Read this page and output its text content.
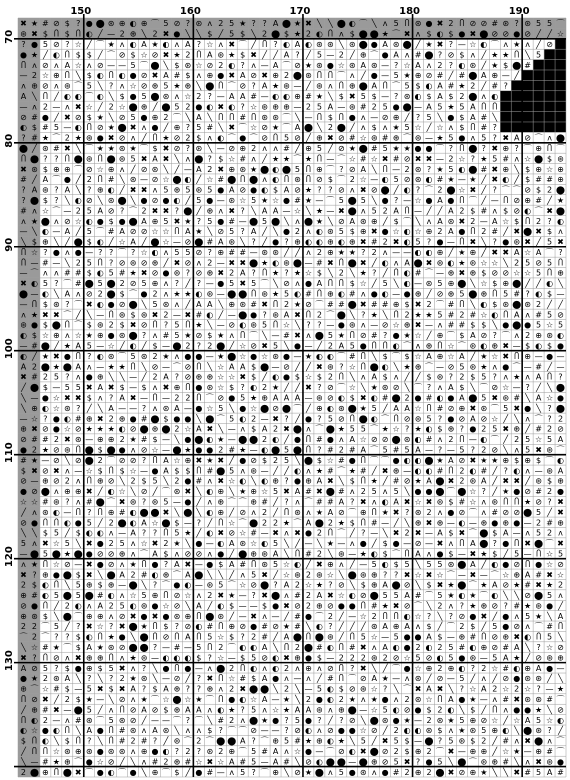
✖ ★ # ⊘ $ ? ● ⬤ ⊛ ⊕ ◐ ⊕ ⌒ 5 ⊘ ? ⊛ ʌ 2 5 ★ ? ? A ⬤ ★ ✖ ╲ ╲ ⬤ ◐ ⌒ ╲ ʌ 5 Ⴖ ⊛ ● ✖ 2 Ⴖ ⊘ ⊘ # ⊛ ? ⊛ 5 5 ⌒
⊛ ✖ $ Ⴖ $ Ⴖ ◐ ╱ — 2 ⊕ ╲ 2 ✖ ● ╲ ╲ $ ╱ 5 $ ╲ 2 ⬤ $ ★ 2 ◐ Ⴖ ʌ $ ⬤ ⬤ ★ ⌒ ✖ ʌ $ ◐ $ ● ✖ ⬤ ⊘ ⊘ ● ⊘ ╱ ╱ ☆
? ● 5 ⊘ ? ☆ ╱ ⌒ ★ ʌ ◐ A ★ ◐ ʌ A ? ☆ ʌ ✖ ⌒ ╱ Ⴖ ? ◐ A ◐ ⊛ ⊛ ╲ ⊛ ⬤ ● A ⊛ ⬤ ╱ ★ ✖ ? — ☆ ◐ ⌒ ʌ ★ ʌ ╱ ⊘
● ★ ╱ ◐ Ⴖ $ $ ╱ ⌒ ⊘ $ ☆ ⊘ ✖ ★ 2 Ⴖ A ⊛ ★ $ ✖ ╱ ╱ A ? ╱ 5 — 2 ╱ ⊕ ⌒ ● A ʌ # ⬤ ? ⊘ $ ʌ ╱ ★ ★ Ⴖ ╲ 5
Ⴖ ʌ ⊘ ʌ A ☆ ʌ ⊘ — — 5 ⌒ ⬤ ╲ $ ⊛ ☆ ⊘ 2 ◐ ? ʌ — A ⌒ ⊘ ★ ⊛ ● ☆ ⊛ A ⊛ — ? ☆ A ʌ 2 ? ◐ ⊛ ╱ ★ $ ⬤ #
— 2 ☆ ⊕ Ⴖ ╲ $ ◐ Ⴖ ◐ ● ⊘ ✖ A # $ ʌ ⊕ ● ✖ A ⊘ ✖ ⊕ 2 ⬤ ⊛ Ⴖ Ⴖ ⌒ ʌ ╱ ● — 5 ★ ⊕ ⊘ # ╱ # ⬤ A ⊕ — ╱
ʌ ⊕ ⊘ ʌ ⊛ ⌒ 5 ╲ ? ʌ ☆ ⊘ ⊕ 5 ★ ⊕ ╲ ⬤ Ⴖ ⌒ ⊘ ? A ★ ⊛ — ╱ ⊛ ʌ Ⴖ ⊕ ⬤ A Ⴖ ⌒ 5 $ ◐ A # ★ 2 ╱ # ?
A ╲ Ⴖ ╱ ◐ ◐ ⌒ ◐ ╲ $ ● 5 ⬤ ⊛ ʌ ☆ 2 ? — A A # — ◐ ◐ ⊕ # ★ ╲ $ ✖ 5 $ — ? ⊛ ◐ $ A $ 2 ⬤ ʌ ◐
— ʌ 2 — ʌ ✖ ☆ ╱ 2 ☆ ⬤ ⊕ ╱ ⬤ 5 2 ● ◐ ✖ ◐ ? ☆ ⊛ ⊕ ⊕ — 2 5 A — ⊛ # 2 5 ● ⬤ — A 5 ★ 5 A Ⴖ Ⴖ
⊘ # ● ╱ ✖ ⊘ $ ★ ╲ ⊘ 5 ● ⊕ 2 ⌒ ╲ A ╲ Ⴖ Ⴖ # Ⴖ ⊛ ⊛ ⌒ ╲ — Ⴖ $ Ⴖ ● ʌ — ⊘ ⊕ ╱ ? 5 ╲ ● $ A # ╲
◐ $ # 5 — ◐ Ⴖ ⊘ ★ ⬤ ✖ ʌ ● ╱ ⊕ ? 5 # ╲ ✖ ⌒ ☆ ⊘ ★ ⌒ A ⬤ ╲ 2 ⬤ ╱ ʌ $ ʌ ★ 5 ☆ ╱ ☆ ʌ $ Ⴖ # ?
? # ★ ⌒ 2 ★ ⊛ ● ✖ ⊘ ʌ ╱ Ⴖ ★ ⊘ 2 $ ʌ ◐ ⌒ ● ⌒ ⊘ Ⴖ 5 ⊘ ╱ ⊕ ✖ ⊘ # ☆ ⊛ # ⊕ ⌒ ⊛ — ★ 5 ● ʌ 5 ? ✖ A ⊘ ⌒ ʌ ⬤
⬤ ╱ ⊛ # ✖ ╲ ⌒ ★ ★ ⊛ ★ ⌒ $ ✖ ⊘ ? ⊛ ╲ — ⊘ ⊕ 2 ʌ ʌ # ╱ ⊕ 5 ╱ ⊘ ★ ⬤ # 5 ★ ★ ● ● ⌒ ? Ⴖ ⬤ ? ✖ ⊕ ? ⌒ ⊕ Ⴖ ⌒
Ⴖ ⬤ ? ? Ⴖ ⬤ ⊛ Ⴖ ⬤ ⊛ 5 ✖ A ✖ ╲ ʌ ⬤ ? $ ☆ # ʌ ╱ ★ ★ ⌒ ★ Ⴖ — ⌒ ☆ # ☆ ✖ # ⊘ ✖ ✖ — 2 ☆ ? ★ 5 # ʌ ☆ ⬤ $ ⊛
✖ ⊛ $ ⊕ ⊕ ⌒ ⊘ ☆ ⊕ ʌ ╱ ⊘ ⊛ ╲ ╱ — A 2 ✖ ⊕ ⊛ ★ ⬤ ◐ ⬤ 5 Ⴖ ⊕ ⌒ ? ⊘ A ╲ Ⴖ — 2 ⊛ ? ★ 5 ◐ ⬤ # ✖ ⊕ ╲ $ ⊕ ☆ ⊕
# ╱ A ⌒ ● ╱ 2 Ⴖ # ╲ ⊛ — ⊘ ☆ ⬤ ◐ ╱ ☆ # ⬤ Ⴖ ⬤ ʌ ◐ Ⴖ ⊛ Ⴖ ⊘ $ ⌒ 2 ☆ — ◐ 5 ⊘ ⊛ ◐ # ★ — ★ ╱ ✖ ◐ ╱ $ # # ⊕
? A ⊛ ? A ╲ ? ⊕ ◐ ╱ ✖ ✖ ʌ 5 ⊕ 5 ⊛ 5 ● A ⊘ ● ◐ $ A ⊘ ★ ? ? ⊘ ʌ ✖ ⊘ ⬤ ╱ ◐ ? ⌒ 2 ⬤ ☆ ✖ ╱ ? ⌒ ⌒ ⊘ $ 2 ⬤
? ⬤ $ ? ╲ ◐ ⊘ ╲ ⊛ ⬤ ╲ ● ⊘ ● ◐ ╱ 5 ● — ⊛ ☆ 5 ★ ☆ ● # ★ — ⌒ 5 ⬤ 5 ╲ ● ? — ☆ ● A ● Ⴖ ⌒ ╱ — Ⴖ ⊘ ⊕ # ╱ ★
# ʌ ☆ ⌒ — 2 5 A ⊘ ? ⌒ 2 ✖ ✖ ? ⬤ ╱ ⊕ ʌ ✖ ? ╲ A A — ☆ ╲ ★ — ✖ ⬤ ʌ 5 2 A Ⴖ — ╱ ╱ A 2 $ # ʌ $ ⊘ ◐ ⌒ ✖ ⬤
ʌ ★ ⬤ ʌ ⊘ ☆ ◐ ● $ ● ⬤ A ⊕ 5 ✖ ★ ? 5 ● # — ⬤ 5 ⬤ ╲ ʌ ⬤ ★ ╲ ⊘ A ⊛ ⊕ ╱ $ ⌒ ╲ ʌ A ⊛ ✖ 2 — A ☆ $ Ⴖ 2 ? ◐
— ╲ ◐ — A ╱ 5 ⌒ # A ⊘ ⊘ ☆ ☆ Ⴖ A ★ ╲ ⊘ 5 ? A ╱ ╲ ● 2 ʌ ◐ ⊛ 5 $ ⊕ ✖ ● ☆ ◐ ☆ ⊕ 2 A ● Ⴖ 2 # ╱ ✖ ⬤ ✖ $ ʌ
╲ $ ⊕ ╲ ╱ ⬤ $ ◐ ╱ ☆ A ╱ ⬤ ☆ — ⊘ ⬤ # A ⊛ ╲ ? ╱ ● ? ⊕ ◐ ◐ ⊕ ◐ ⊕ ✖ # 2 ✖ ◐ 5 ? ● — Ⴖ ✖ ╲ ? ● ⊛ ✖ ╱ 5 ✖
Ⴖ ☆ ? ● ʌ ● — ? ? ⌒ ? ☆ ◐ ʌ 5 5 ⊘ ? ⊕ # # — ⊛ ⊛ ╱ ╱ ʌ 2 ⊕ ★ ★ ? 2 ʌ — — ◐ ◐ ⊕ ╱ ★ ⊕ ╱ ✖ ✖ A ☆ A ⌒ ?
Ⴖ — # — ╲ 2 5 Ⴖ ? ⊘ ⊛ ⊘ ⊕ ╱ ✖ ⊘ ʌ 2 — ✖ ✖ ⬤ ★ ◐ ⊛ ⬤ — # ✖ Ⴖ ⬤ ✖ ╱ ◐ ʌ A ⬤ ✖ ⊛ ◐ ★ ⊛ ☆ ☆ ╲ 2 5 ⊘ 5 Ⴖ
— ⌒ ʌ ʌ # # $ ◐ 5 # ★ ✖ ⊘ ● ⊛ ? ⊘ ⊕ ✖ 2 A ? Ⴖ ★ ? ★ ☆ $ ╲ 2 ╲ ★ ? ╱ Ⴖ ◐ # ⌒ — ⊕ ✖ ⊕ $ ⊘ ⊘ ☆ ☆ 5 Ⴖ ⊕
✖ ◐ 5 ? ⌒ # ⬤ 5 ⬤ 2 ⊘ 5 ⊕ ʌ ? ╱ ? — ● 5 ✖ 5 ⌒ ╲ ⊘ ʌ ● A Ⴖ Ⴖ $ ☆ ╱ 5 ╲ ◐ — ⊛ 5 ⊕ ⬤ ╲ ☆ $ ⊕ ⬤ ╱ ╱ ◐ ╲
⬤ — ◐ ╲ A ʌ ⊘ 2 ⬤ $ ⌒ ● 2 ʌ ★ ★ ◐ ⊛ — ⬤ ⬤ Ⴖ ⊛ ★ 5 ◐ # Ⴖ ⊕ ◐ # ʌ ● ◐ — ● ⊕ ╱ ⊘ ⊕ 5 ⬤ ⊕ Ⴖ 5 # ? ◐ $ —
— Ⴖ $ ⊛ ? ⌒ ✖ ◐ ● ⊘ ⬤ ╲ 5 ⊛ ʌ ╱ A A ╲ ⊕ ⊛ # ✖ Ⴖ 2 ★ ⊘ ⌒ # # ⬤ ✖ # # ⊕ $ ✖ 2 ⌒ # Ⴖ ╲ ◐ $ ⊛ ⬤ ⊛ 2 ╱ ╱
ʌ ★ ✖ ✖ ⌒ ╱ ╲ — Ⴖ ⊛ $ ⊛ ✖ 2 — ✖ # ◐ ╱ — ⬤ ● ? ⊛ A ✖ Ⴖ 2 ⌒ ⬤ ╲ ? ★ ╲ Ⴖ 2 ★ ★ 5 # 2 # ☆ ◐ Ⴖ A ʌ # 5 ⊘
⊛ ● $ ⬤ Ⴖ ⌒ $ ⊛ 2 $ ✖ ⊘ Ⴖ ? 5 Ⴖ ★ ╲ — ⊘ ◐ ⊛ 5 Ⴖ ☆ ╲ ? ? — ● ⊛ ʌ — ⊘ ☆ ⊕ ✖ — ʌ # # $ $ ╲ ● ⬤ ● 5 ☆ 5
◐ $ ☆ ⊕ ʌ ☆ ★ ⊕ ● ⊛ ⬤ ? ʌ # 5 ★ ⊘ $ ★ ʌ Ⴖ ⌒ ╲ — # ✖ ʌ ⬤ 5 ★ Ⴖ ⊘ # ? ● ★ ☆ ╱ ⊕ ⌒ $ A ⊘ ? ⌒ ʌ 2 ⊕ ⊛ ◐
— # ⬤ ╱ ★ A 5 — ☆ ╱ ◐ ╱ $ — ⬤ 2 ? 2 ⬤ ╱ ☆ ⊘ ✖ 5 ╲ ● — ╱ 2 A 5 ● Ⴖ Ⴖ ◐ ⌒ ʌ ⊕ Ⴖ ☆ ⌒ ⊛ ◐ ⊕ ✖ — $ ◐ $ ●
◐ ╱ ★ ✖ ● Ⴖ ? ◐ ⊛ ⌒ 5 ⊛ 2 ★ ʌ ● ● — ★ ⬤ ☆ ● ☆ ⊛ ● — ★ ◐ ◐ ⌒ # Ⴖ ╲ $ ⌒ $ ☆ A ⊕ ☆ A ╱ ★ ☆ ✖ Ⴖ ⊕ — ● —
A 2 ⬤ ★ ⬤ A ʌ — ★ ★ Ⴖ ╲ ⊘ — ⌒ ⊘ Ⴖ ╲ ☆ A A $ ⬤ — ⊘ ╱ ╱ ✖ ⊛ ? ☆ Ⴖ ⬤ ◐ ╲ ★ ⊕ ⌒ — ⊘ 5 ⊛ ★ ʌ ● ⌒ — # ╱ —
✖ # 2 5 ? ʌ ● ⊕ ╲ ╲ — ╱ 2 A ? ⊘ ⊕ ⊕ ☆ ☆ ✖ $ ╱ ◐ ● $ ☆ $ 2 Ⴖ ╲ ʌ A $ ʌ ╱ ╱ $ ⊛ ? 2 $ 5 ? ʌ ★ ʌ A Ⴖ ?
╱ ⬤ $ — 5 5 ✖ A ✖ $ — $ ʌ ✖ ⊕ Ⴖ ● ⊛ ☆ $ ? ◐ 2 ★ ╱ ╱ ✖ ? ⊘ ⌒ ☆ ╲ ★ ⊛ ⊘ ╲ ⌒ ? ʌ A $ ╲ ⌒ ⊘ ☆ — ? ╱ ╲ ⬤
╲ — ● ☆ ✖ ✖ $ ʌ ? A ✖ — Ⴖ — 2 2 Ⴖ ⌒ ⊘ ● 5 ★ ⊕ A A A — ⊛ ⊘ ◐ $ ✖ ◐ # ⬤ 2 ● # ◐ ● A ⬤ 5 ✖ ⊛ # ╲ A ☆ ●
╲ ⊕ ◐ ☆ ⊛ ? ╱ ╲ A — — ? ʌ ⊛ A — ● ☆ 5 ╲ ● ☆ ⬤ ⊘ ⬤ ⌒ ╱ ⊕ ◐ ⊛ ⬤ ★ 5 ╱ A A ☆ Ⴖ # ⊘ ⊕ ✖ ⊛ ⌒ 5 ✖ ● ╲ ? ⬤
— ☆ ? ● ◐ # ⊕ ✖ 2 ⊕ ● # ⬤ $ ● ● ╲ ⬤ ⌒ 5 ◐ 2 — ✖ ? ╱ ● ? 5 ⊘ Ⴖ ⬤ ◐ ⌒ Ⴖ ⊘ ⊛ 5 ? ● ⊘ A ⊘ ☆ ╱ ╲ ʌ ⌒ ? 2
⊕ ✖ ⊘ ● ☆ ⊘ ★ ★ ★ ◐ ⊘ ⬤ ⊕ ⬤ 2 ☆ A ✖ ╲ — ʌ $ A 2 ✖ ⬤ ʌ ⌒ ⬤ ★ 5 5 ⌒ ★ ☆ ? ★ ◐ $ ⊕ ? ● 2 5 ✖ ⊕ ╱ # 2 ⊘
⊘ # # 2 ✖ ⊛ — ⊕ ⊕ 2 ★ # $ — ╲ ● ⬤ ◐ ★ — ⬤ ⬤ 2 ◐ ╱ ● Ⴖ # ● ʌ A ☆ ⊘ ⊘ ⬤ ⊛ ◐ # ʌ 2 Ⴖ — ◐ ⌒ ╱ 2 5 ☆ 5 A
● 2 ★ ⊘ ⊛ Ⴖ ⬤ $ ⬤ ● ʌ ⊘ ☆ — ⬤ ★ ● ● 2 # ★ — ◐ ⬤ 5 ⬤ Ⴖ ? # 2 # A ⌒ 5 # 5 A — ? — 5 ? 2 ⊘ ╲ ʌ 5 ✖ ⊛ ⌒
# ★ — ⊘ ╲ ⊘ ⬤ 2 ⌒ ⊘ ⊘ ? Ⴖ A ☆ ⊕ ✖ ★ ✖ ╱ ● ⊘ $ 2 5 ╲ ⬤ $ ☆ # ● Ⴖ ⌒ ⌒ ● ◐ ◐ ⬤ ★ A ⊘ ✖ ★ ★ ⊕ $ ⊕ $ ⌒ ◐
$ ✖ ⊘ ✖ ʌ — ☆ $ Ⴖ $ ☆ — ● A $ $ Ⴖ # ⬤ 5 ʌ ⊛ — ╱ ╱ ◐ ʌ ★ # ⌒ ★ # ╱ ✖ ⊕ — ◐ ◐ # Ⴖ 2 ◐ # ╱ ? ◐ ʌ — ⊛ A
⊘ — ⊕ ⊘ 2 ʌ Ⴖ ⊕ ⊘ ╲ 2 $ 5 ╲ 2 ● # ʌ ✖ ☆ ◐ ╲ ◐ ⊕ ? ● ⊕ A ✖ ╲ $ Ⴖ ★ ╱ # ⊘ ★ A ⬤ ✖ 2 ⊛ A ╱ ✖ ✖ ╱ ⊛ $ ⊕
● ⊘ ⬤ ʌ ⊕ ⊕ ✖ ╱ ◐ ☆ ╲ ⊘ ╱ ⌒ ⊛ ✖ ╲ ◐ ⊕ ╲ ★ ⊕ ☆ 5 ✖ A # ✖ ⬤ # ʌ 2 5 ʌ 5 ╲ ● ● ⬤ ⌒ ⬤ ☆ ? ╱ ★ ● ⊘ # 2 ●
☆ ☆ # ⊛ ? ʌ # ⬤ ⌒ ✖ ⊛ ? ⊛ 5 — ● ╱ ʌ ⊕ ⌒ ⌒ ⊕ # ╱ ? ʌ ⌒ # # A ? ✖ ʌ ◐ A ✖ ☆ ✖ ⊛ $ # ☆ ʌ ⊛ Ⴖ Ⴖ ★ ⊘ ? ✖
╱ ʌ ⊛ ◐ — Ⴖ ? Ⴖ ⊕ # ◐ ⬤ ⬤ ✖ ╲ ⬤ ╲ ◐ ⊕ ╱ ⊘ ʌ 2 ╱ Ⴖ ⊛ ʌ ★ A ⊘ ⌒ ⊕ Ⴖ ★ ✖ ? ⊛ 2 ʌ ● ⊘ ⌒ ʌ # ⊘ ⊘ ⬤ 5 ╱ ✖
⊘ ● Ⴖ Ⴖ ◐ ● 5 ╱ 2 ⬤ ◐ A ☆ ⬤ $ — ? ╱ Ⴖ ☆ ⌒ ⬤ 2 2 ★ ⌒ A ⬤ 2 ★ $ Ⴖ # — ╱ ╲ ⊕ ✖ ⊕ — ◐ — ⊕ ● ⊕ ● — 2 # ⊕
╲ ╲ $ 5 ╱ $ ◐ ◐ ʌ — A ? ? Ⴖ 5 ★ ╱ ◐ ✖ ⊘ ☆ # — ✖ ʌ ✖ ● 2 Ⴖ ⌒ ╱ ? — ╲ ✖ 2 ✖ — A $ ✖ ⌒ ⬤ $ A — ʌ 5 2 ʌ
5 ʌ ✖ ☆ 5 ╲ ✖ ● 2 5 ʌ ☆ ✖ 2 ★ ╲ ● — ◐ A ⊛ ☆ ◐ 5 ╲ ╱ — ╲ ★ — ʌ ● ╱ $ ● — ⊘ — ✖ ʌ Ⴖ A ⬤ ? ● Ⴖ ✖ ⬤ ⌒ ✖
— ⬤ 5 ⬤ ★ ⬤ ● ⊘ ⊘ ⊕ ʌ ⌒ A $ ʌ ⊘ ⊘ ʌ ● ╱ ⬤ ⊕ ⊛ A ╲ Ⴖ # 2 ╲ ⊛ — ★ ◐ $ ⌒ Ⴖ A ʌ ● $ — ✖ ★ $ ╱ 5 — Ⴖ ☆ 5
ʌ ★ Ⴖ ☆ ⊘ — ✖ ● ⊘ ʌ ★ Ⴖ ● ? A ✖ — ● $ A # Ⴖ ⊛ 5 ☆ ◐ ╱ ✖ ⊕ ʌ ╱ — 5 ◐ $ 5 ╲ 5 5 ⊛ ⬤ A ╱ ◐ ● ⊘ Ⴖ ● ☆ ⊘
✖ ? ⊕ ● ⬤ $ ✖ ╲ ⬤ A 2 # ◐ ⊕ ⌒ A ⬤ ╲ ╲ ╱ ʌ 5 ✖ ╱ ☆ ⊛ 2 ⊛ ☆ ╲ ⬤ ⊛ ⊕ ? ? ✖ ☆ ✖ ☆ ⌒ — ✖ — ⌒ ☆ ⊕ A # ✖ ☆
2 $ ◐ Ⴖ ╲ 5 ⊕ $ ⊕ — ⬤ ╲ ? ⌒ ● ◐ — ⊛ 5 ⌒ ☆ ⊘ ⬤ ? A 2 ☆ ★ ? ⊘ ╲ $ ⊕ A ⬤ ⊘ ╲ $ ✖ ★ ⬤ ⌒ ★ A ⊘ ★ # ✖ ★ 2
⊕ # ◐ 5 ⬤ 5 ⬤ # ◐ ʌ ☆ 5 ⊕ Ⴖ ⊘ ☆ ʌ 2 ✖ ★ — ? ✖ ⬤ ʌ # 2 A ✖ ☆ ◐ ⊘ ⬤ 5 5 A # ⌒ 5 ★ ◐ ★ ⌒ ◐ ╲ ╲ ⊘ ⬤ 5 ʌ
⊘ ● Ⴖ ╱ 2 ◐ ʌ A 2 5 ◐ ⊛ ● ☆ ⊘ ╲ A ╱ ◐ $ — — $ ● ✖ ⊘ 2 ⊕ ⊘ ● ● Ⴖ # ★ ✖ ⊘ ⌒ ╲ 2 ʌ ? ★ ⊕ ⊘ ? # ★ ⊛ ● ╱
⊕ ⊛ $ ╲ ⬤ ⌒ ⊕ ⊕ ʌ ⊘ ✖ ● ✖ ● ⊛ ⊕ Ⴖ ⬤ ⊛ ╱ — ✖ ʌ — ╱ # ● ⌒ 2 ╱ — ☆ 2 Ⴖ Ⴖ ◐ ☆ ? ╲ ? ⊘ ● ✖ ╱ ● ʌ 5 ★ ╲ A
2 2 ⌒ 5 ╱ ? ✖ ☆ ? ✖ ⬤ ★ Ⴖ $ ? ⊘ ◐ # Ⴖ ⊕ ⊘ ● # ⊘ ★ # ╲ ◐ ? ╱ ╱ ╱ ⊛ A ⊕ A ʌ $ ╱ ⌒ 2 $ ╱ 5 ● ⊘ ʌ ⌒ # Ⴖ
⌒ 2 ⌒ ? ? $ ◐ Ⴖ ★ ● ╲ ⬤ Ⴖ ⊘ Ⴖ A Ⴖ 5 ☆ $ ? 2 # ╱ A ⬤ Ⴖ ⬤ ⊛ ╱ Ⴖ 5 ☆ — 5 ● ● A $ — ⊕ # Ⴖ ⊘ ⊕ ✖ ◐ Ⴖ 5 ╲
╲ ☆ # ★ ⌒ $ A ★ ⊛ ⊘ ⬤ ⬤ ? — # — 5 Ⴖ 2 ⌒ ◐ ◐ A ╲ Ⴖ 2 ⬤ # ◐ Ⴖ # ✖ ʌ A ◐ ● 2 ◐ 2 5 # ◐ ⊕ ⊘ # A ╲ ? ☆ ⊘
✖ ? Ⴖ ⊘ ʌ ✖ ⊕ ⊕ Ⴖ ʌ ★ ⊛ — ◐ ◐ ◐ $ ? ☆ — $ 5 ⊘ ◐ ✖ ⊕ ● $ — 2 2 2 ⊛ 2 ⊘ ☆ 5 ⊘ ◐ 5 ● ⊛ — 5 A ★ ╱ ⊘ ⊛ ⊕
A ⊘ 5 ? $ ● ⊕ $ 5 ✖ ʌ ? ╲ ● Ⴖ ● — ʌ ⬤ 2 Ⴖ ◐ ʌ ◐ 2 ʌ ⊕ ʌ ⊘ Ⴖ ? ✖ ╲ ╱ ⌒ ● ☆ ⊕ 2 ⊕ ◐ ? 2 ☆ # ◐ ⊕ A ● —
● ★ 2 ⊛ A ╲ ? ╲ ? 2 ★ ⊛ ╲ — ⊘ ╱ ? ✖ Ⴖ ☆ # $ A ● ʌ — ʌ ╱ # Ⴖ ⌒ ⊘ A ★ — ʌ ⊛ ╱ ⊘ — 5 ╱ ʌ ╱ ⊘ ● ⊛ ⊛ ╱ ╲
⊕ ⌒ ☆ # $ — 5 ✖ $ ✖ A ? $ A ⊕ ? ? ⊕ ʌ 2 ✖ ⬤ ⬤ ╲ 2 ╲ — 5 ◐ $ ⊘ ⊛ ☆ ? ╲ ⌒ ✖ A ✖ ╲ ? ☆ A 2 ☆ 2 ☆ ? — ★
Ⴖ ⊘ ✖ ╱ 2 $ ★ — ╲ ⊘ ʌ ★ ⌒ ☆ ⬤ ☆ ★ ⌒ Ⴖ ● ◐ ☆ A — ★ ╲ 2 ● ◐ 2 ★ ʌ ★ ● ʌ 2 ⊛ ☆ Ⴖ A ● ★ — ʌ # ✖ ⊛ ⊛ # ⌒
╱ ⊕ # ✖ — ⬤ 5 ╱ ʌ Ⴖ ⊘ A ⊘ $ ⊕ A A ʌ ◐ ★ ? 5 ʌ ☆ ★ A A ⊛ ʌ ⊕ ⬤ — ☆ 5 ◐ ⊘ ● $ 2 ◐ ╲ $ ╱ Ⴖ ʌ ● ● ★ ╲ ⊘
Ⴖ ◐ 2 — ʌ # ⊛ ⌒ 5 ⊛ ⊘ ╱ — — ⌒ ? ⌒ ╲ # 2 ʌ ⬤ ★ ● ? 5 ● ? ╱ ? ⊘ ╲ ⬤ ⊛ ● ★ — 2 ⊛ ★ 5 ⊕ ⊘ ☆ ╱ ☆ A 5 ☆ ◐
◐ ☆ ● ◐ Ⴖ ╲ A ● Ⴖ # ⊛ ʌ A ⊛ ╲ ʌ ʌ $ ? ⌒ ⌒ ⊘ — — ? ⊘ ◐ ʌ ⊘ ● ● ☆ ⊘ ╱ 2 ◐ ◐ ⊛ $ ʌ ★ ⊛ 5 ⊕ ◐ ╲ ⬤ ⊛ ? ╱
$ Ⴖ ◐ ╲ $ Ⴖ ? ╲ Ⴖ # 2 # ? ╱ ⊛ ⌒ 2 ⌒ ⬤ ⬤ A ? ⌒ ⊕ 5 # ★ ⊕ ◐ ★ ╲ 5 ╱ ✖ 5 $ — ⬤ ? 5 ⊛ $ 2 ╱ # ʌ ✖ ⬤ ʌ ⌒
╱ Ⴖ Ⴖ ☆ ⊛ ⊕ ⊛ ● ⊛ ⊛ ʌ ⊕ ● ◐ ? 2 ? ⊛ 2 ⊕ ⌒ 5 # A ʌ ☆ ● — ⌒ ⊘ ◐ ✖ ⬤ ⊘ 2 $ ⊕ 2 ⌒ ✖ — ⊕ ⊕ ╱ ☆ ★ — ⊕ # ⌒
╲ — # ★ ⊕ ⌒ ● ☆ ⊘ ╱ ╲ ʌ # 2 ⊕ # ☆ ✖ ☆ A # 5 — A # ╲ ⊘ ◐ ⬤ ⬤ — ⬤ ⊕ ⊘ 5 ✖ ? ● 5 ╲ ⬤ ⌒ ⊛ ⊕ # ╲ ʌ ✖ ⊛ ●
2 ⬤ ⊕ Ⴖ ⬤ ✖ ⌒ ● ◐ ⌒ ● ╲ ⊕ ⌒ $ ╱ ● # — ʌ 5 ? ⌒ ⊕ ╲ ⊘ ★ ⬤ ʌ 5 ● ⊛ ʌ ● # 2 ⊕ 2 ⬤ ✖ ⊘ ⊕ ★ ╲ ╲ ✖ # 5 A #
150	160	170	180	190
70
80
90
100
110
120
130
